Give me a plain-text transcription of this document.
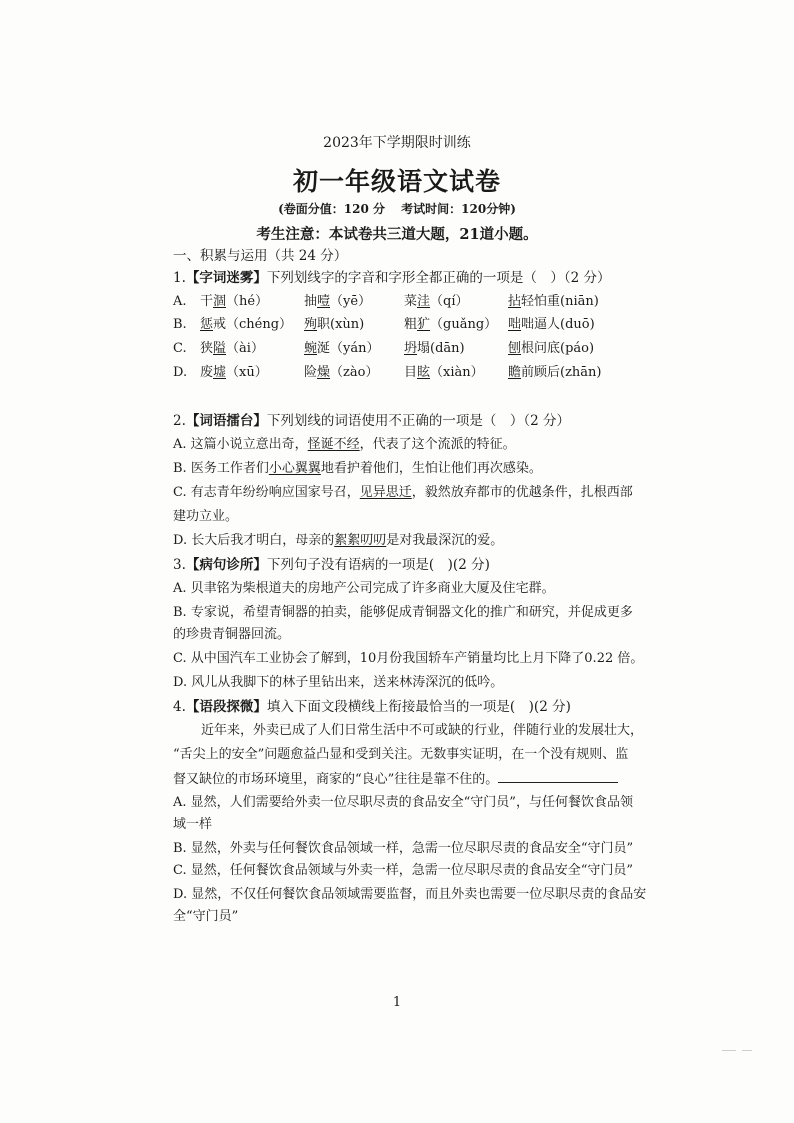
2023年下学期限时训练
初一年级语文试卷
(卷面分值：120 分　 考试时间：120分钟)
考生注意：本试卷共三道大题，21道小题。
一、积累与运用（共 24 分）
1.【字词迷雾】下列划线字的字音和字形全都正确的一项是（　）（2 分）
A. 干涸（hé）	抽噎（yē）	菜洼（qí）	拈轻怕重(niān)
B. 惩戒（chéng） 殉职(xùn)	粗犷（guǎng） 咄咄逼人(duō)
C. 狭隘（ài）	蜿涎（yán） 坍塌(dān)	刨根问底(páo)
D. 废墟（xū）	险燥（zào） 目眩（xiàn） 瞻前顾后(zhān)
2.【词语擂台】下列划线的词语使用不正确的一项是（　）（2 分）
A. 这篇小说立意出奇，怪诞不经，代表了这个流派的特征。
B. 医务工作者们小心翼翼地看护着他们，生怕让他们再次感染。
C. 有志青年纷纷响应国家号召，见异思迁，毅然放弃都市的优越条件，扎根西部
建功立业。
D. 长大后我才明白，母亲的絮絮叨叨是对我最深沉的爱。
3.【病句诊所】下列句子没有语病的一项是(　)(2 分)
A. 贝聿铭为柴根道夫的房地产公司完成了许多商业大厦及住宅群。
B. 专家说，希望青铜器的拍卖，能够促成青铜器文化的推广和研究，并促成更多
的珍贵青铜器回流。
C. 从中国汽车工业协会了解到，10月份我国轿车产销量均比上月下降了0.22 倍。
D. 风儿从我脚下的林子里钻出来，送来林涛深沉的低吟。
4.【语段探微】填入下面文段横线上衔接最恰当的一项是(　)(2 分)
近年来，外卖已成了人们日常生活中不可或缺的行业，伴随行业的发展壮大，
“舌尖上的安全”问题愈益凸显和受到关注。无数事实证明，在一个没有规则、监
督又缺位的市场环境里，商家的“良心”往往是靠不住的。
A. 显然，人们需要给外卖一位尽职尽责的食品安全“守门员”，与任何餐饮食品领
域一样
B. 显然，外卖与任何餐饮食品领域一样，急需一位尽职尽责的食品安全“守门员”
C. 显然，任何餐饮食品领域与外卖一样，急需一位尽职尽责的食品安全“守门员”
D. 显然，不仅任何餐饮食品领域需要监督，而且外卖也需要一位尽职尽责的食品安
全“守门员”
1
